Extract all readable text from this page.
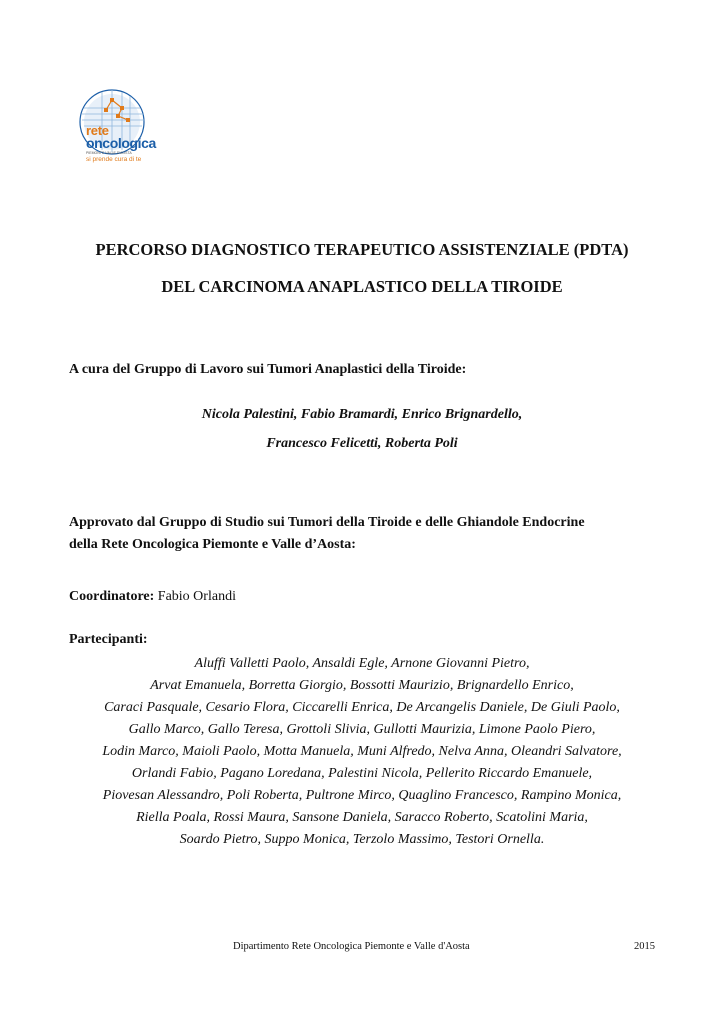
rete
oncologica
PIEMONTE VALLE D'AOSTA
si prende cura di te
PERCORSO DIAGNOSTICO TERAPEUTICO ASSISTENZIALE (PDTA)
DEL CARCINOMA ANAPLASTICO DELLA TIROIDE
A cura del Gruppo di Lavoro sui Tumori Anaplastici della Tiroide:
Nicola Palestini, Fabio Bramardi, Enrico Brignardello,
Francesco Felicetti, Roberta Poli
Approvato dal Gruppo di Studio sui Tumori della Tiroide e delle Ghiandole Endocrine
della Rete Oncologica Piemonte e Valle d’Aosta:
Coordinatore: Fabio Orlandi
Partecipanti:
Aluffi Valletti Paolo, Ansaldi Egle, Arnone Giovanni Pietro,
Arvat Emanuela, Borretta Giorgio, Bossotti Maurizio, Brignardello Enrico,
Caraci Pasquale, Cesario Flora, Ciccarelli Enrica, De Arcangelis Daniele, De Giuli Paolo,
Gallo Marco, Gallo Teresa, Grottoli Slivia, Gullotti Maurizia, Limone Paolo Piero,
Lodin Marco, Maioli Paolo, Motta Manuela, Muni Alfredo, Nelva Anna, Oleandri Salvatore,
Orlandi Fabio, Pagano Loredana, Palestini Nicola, Pellerito Riccardo Emanuele,
Piovesan Alessandro, Poli Roberta, Pultrone Mirco, Quaglino Francesco, Rampino Monica,
Riella Poala, Rossi Maura, Sansone Daniela, Saracco Roberto, Scatolini Maria,
Soardo Pietro, Suppo Monica, Terzolo Massimo, Testori Ornella.
Dipartimento Rete Oncologica Piemonte e Valle d'Aosta	2015
